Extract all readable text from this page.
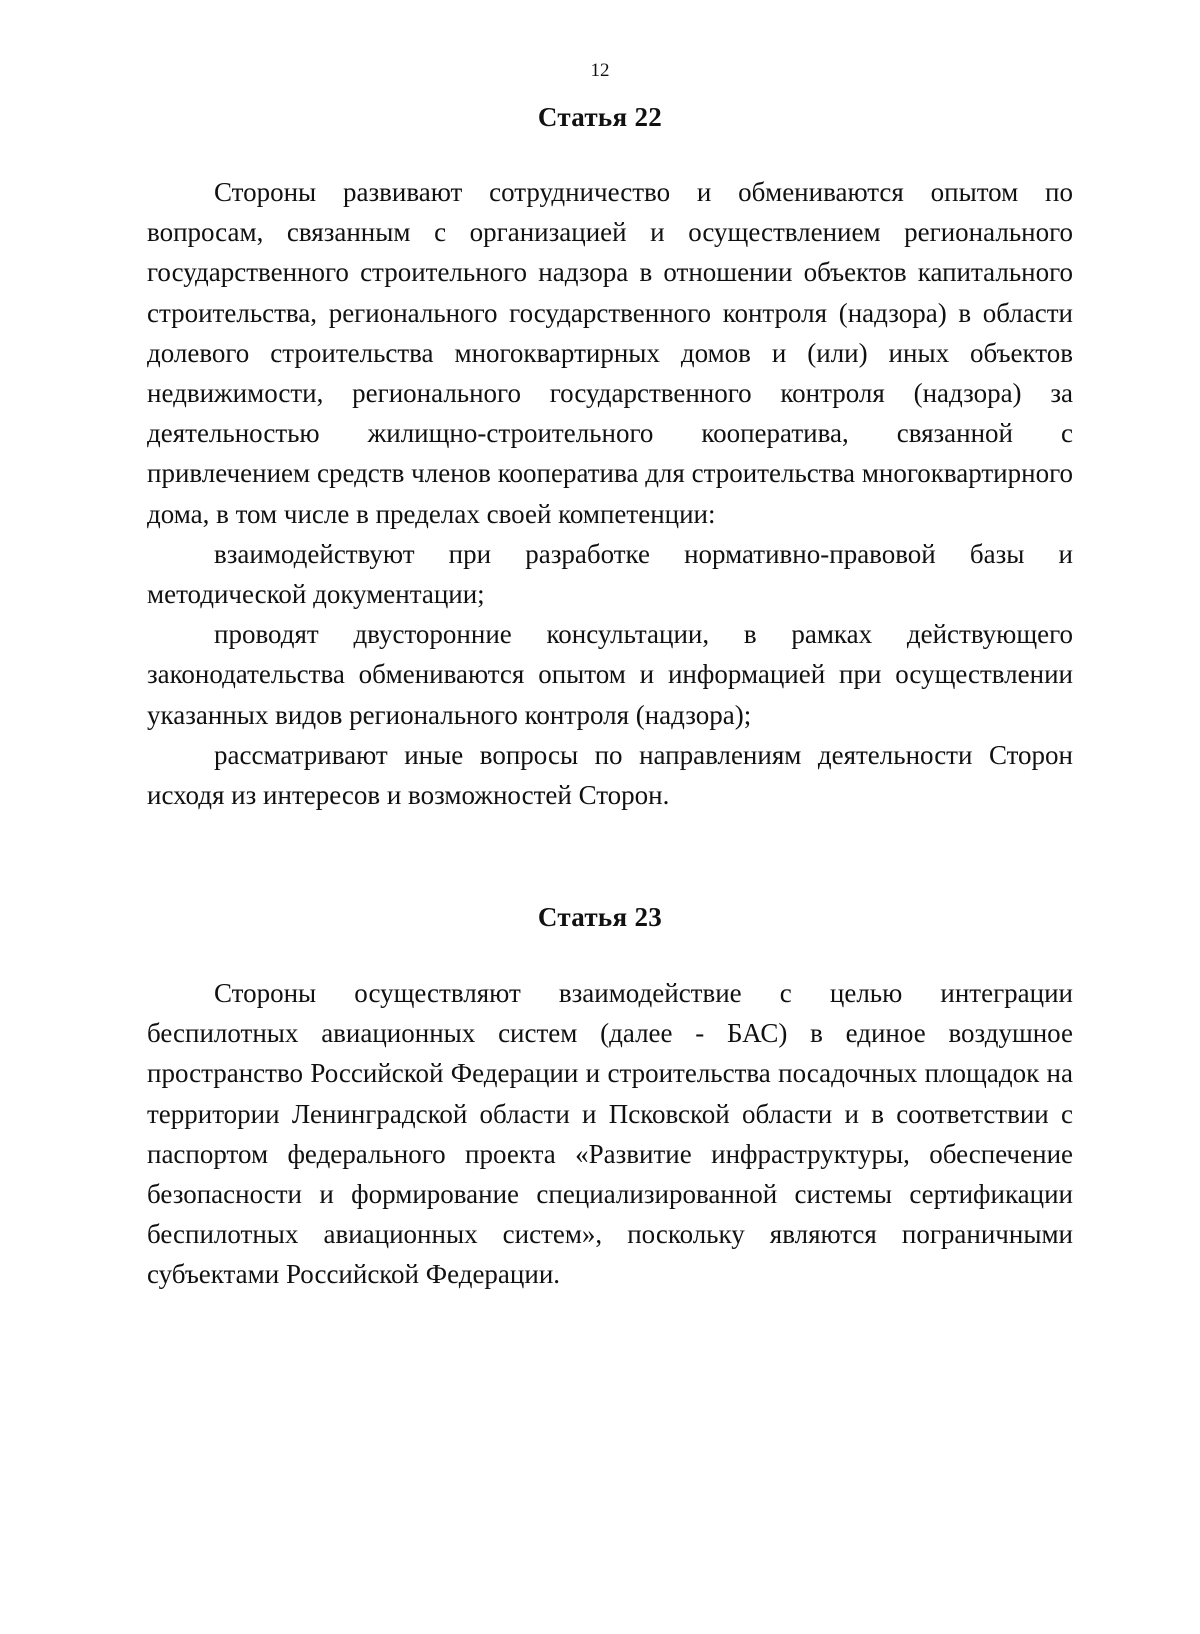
12
Статья 22

Стороны развивают сотрудничество и обмениваются опытом по вопросам, связанным с организацией и осуществлением регионального государственного строительного надзора в отношении объектов капитального строительства, регионального государственного контроля (надзора) в области долевого строительства многоквартирных домов и (или) иных объектов недвижимости, регионального государственного контроля (надзора) за деятельностью жилищно-строительного кооператива, связанной с привлечением средств членов кооператива для строительства многоквартирного дома, в том числе в пределах своей компетенции:

взаимодействуют при разработке нормативно-правовой базы и методической документации;

проводят двусторонние консультации, в рамках действующего законодательства обмениваются опытом и информацией при осуществлении указанных видов регионального контроля (надзора);

рассматривают иные вопросы по направлениям деятельности Сторон исходя из интересов и возможностей Сторон.

Статья 23

Стороны осуществляют взаимодействие с целью интеграции беспилотных авиационных систем (далее - БАС) в единое воздушное пространство Российской Федерации и строительства посадочных площадок на территории Ленинградской области и Псковской области и в соответствии с паспортом федерального проекта «Развитие инфраструктуры, обеспечение безопасности и формирование специализированной системы сертификации беспилотных авиационных систем», поскольку являются пограничными субъектами Российской Федерации.
